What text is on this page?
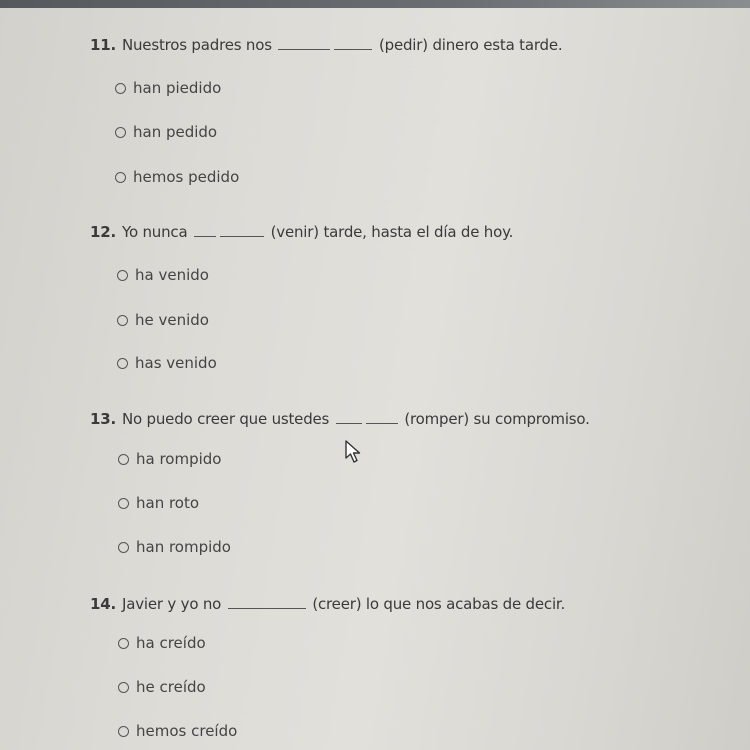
11. Nuestros padres nos	(pedir) dinero esta tarde.
han piedido
han pedido
hemos pedido
12. Yo nunca	(venir) tarde, hasta el día de hoy.
ha venido
he venido
has venido
13. No puedo creer que ustedes	(romper) su compromiso.
ha rompido
han roto
han rompido
14. Javier y yo no	(creer) lo que nos acabas de decir.
ha creído
he creído
hemos creído
